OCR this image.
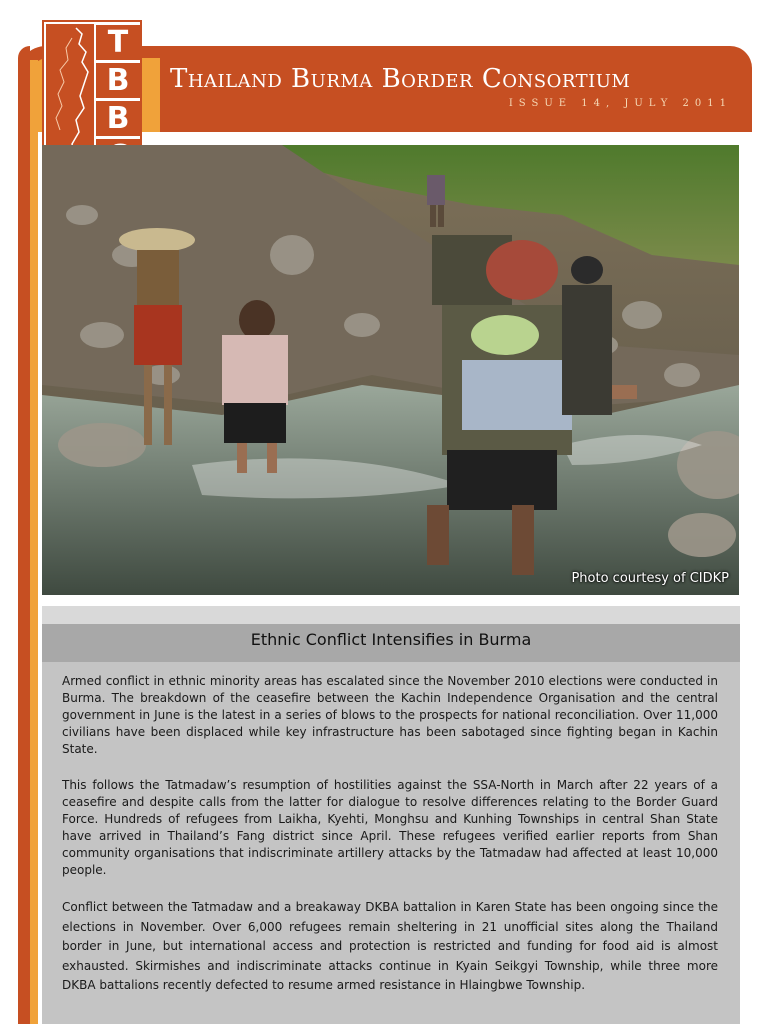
T
B
B
Thailand Burma Border Consortium
ISSUE 14, JULY 2011
Photo courtesy of CIDKP
Ethnic Conflict Intensifies in Burma

Armed conflict in ethnic minority areas has escalated since the November 2010 elections were conducted in Burma. The breakdown of the ceasefire between the Kachin Independence Organisation and the central government in June is the latest in a series of blows to the prospects for national reconciliation. Over 11,000 civilians have been displaced while key infrastructure has been sabotaged since fighting began in Kachin State.

This follows the Tatmadaw’s resumption of hostilities against the SSA-North in March after 22 years of a ceasefire and despite calls from the latter for dialogue to resolve differences relating to the Border Guard Force. Hundreds of refugees from Laikha, Kyehti, Monghsu and Kunhing Townships in central Shan State have arrived in Thailand’s Fang district since April. These refugees verified earlier reports from Shan community organisations that indiscriminate artillery attacks by the Tatmadaw had affected at least 10,000 people.

Conflict between the Tatmadaw and a breakaway DKBA battalion in Karen State has been ongoing since the elections in November. Over 6,000 refugees remain sheltering in 21 unofficial sites along the Thailand border in June, but international access and protection is restricted and funding for food aid is almost exhausted. Skirmishes and indiscriminate attacks continue in Kyain Seikgyi Township, while three more DKBA battalions recently defected to resume armed resistance in Hlaingbwe Township.
